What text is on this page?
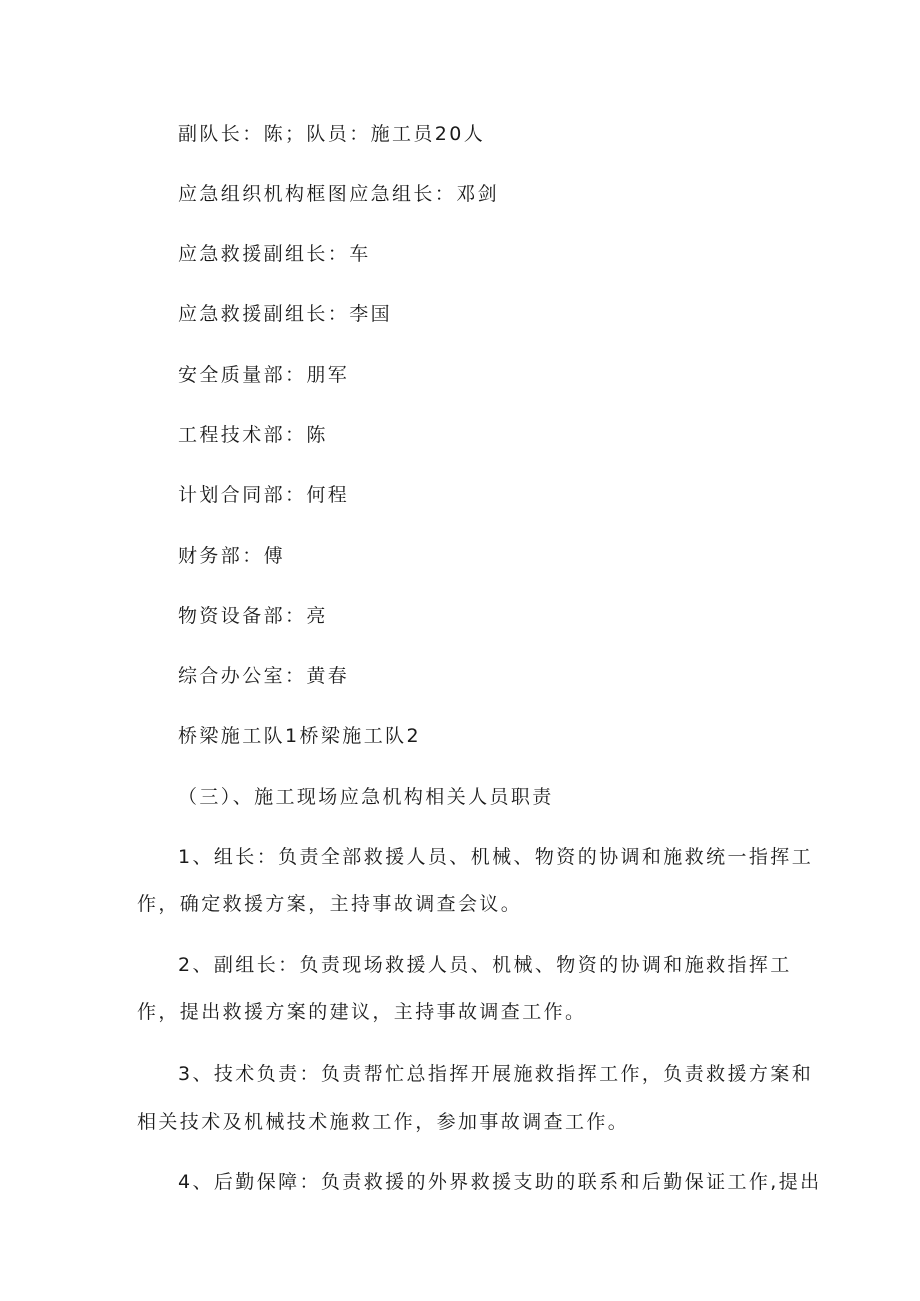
副队长：陈；队员：施工员20人
应急组织机构框图应急组长：邓剑
应急救援副组长：车
应急救援副组长：李国
安全质量部：朋军
工程技术部：陈
计划合同部：何程
财务部：傅
物资设备部：亮
综合办公室：黄春
桥梁施工队1桥梁施工队2
（三）、施工现场应急机构相关人员职责
1、组长：负责全部救援人员、机械、物资的协调和施救统一指挥工
作，确定救援方案，主持事故调查会议。
2、副组长：负责现场救援人员、机械、物资的协调和施救指挥工
作，提出救援方案的建议，主持事故调查工作。
3、技术负责：负责帮忙总指挥开展施救指挥工作，负责救援方案和
相关技术及机械技术施救工作，参加事故调查工作。
4、后勤保障：负责救援的外界救援支助的联系和后勤保证工作,提出
